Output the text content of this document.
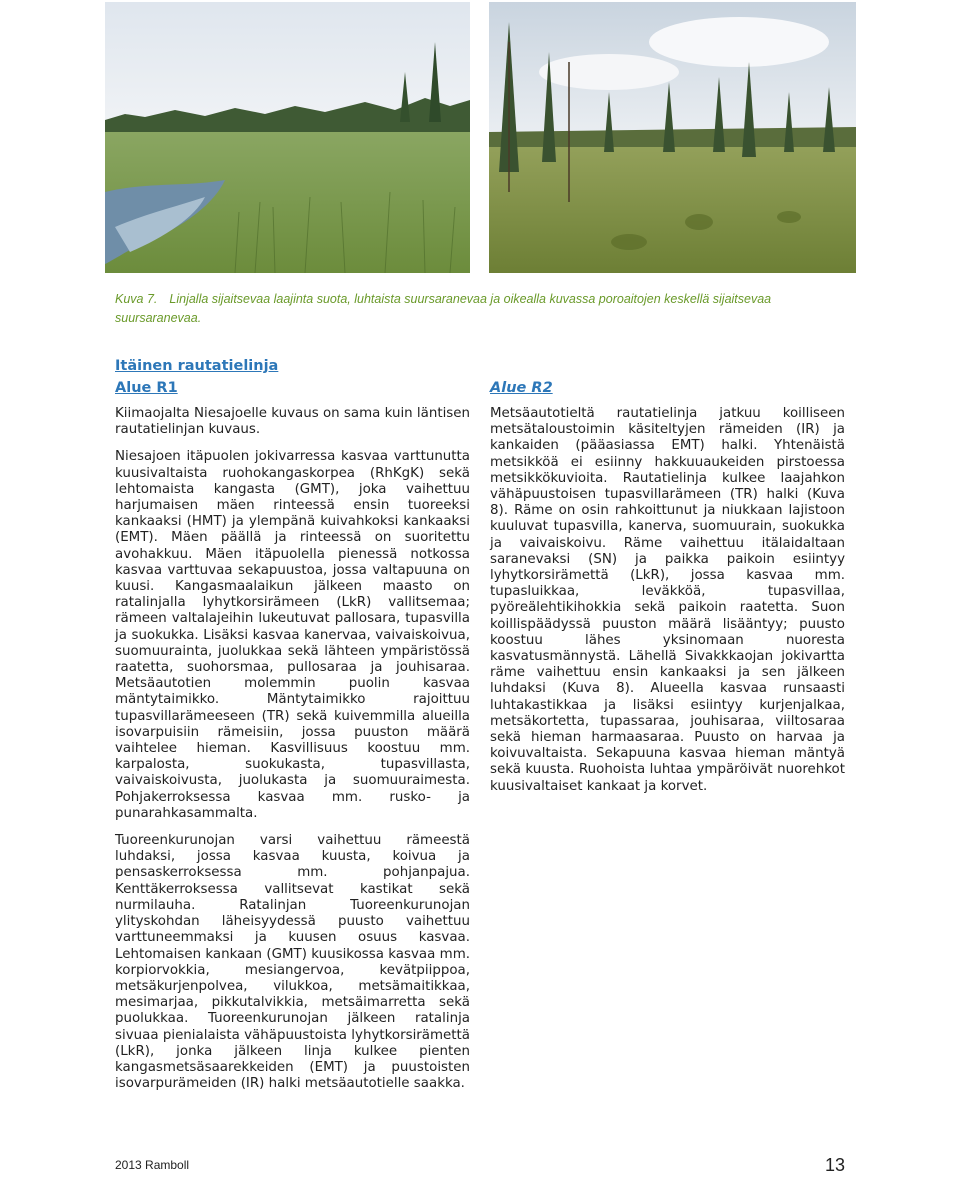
Kuva 7. Linjalla sijaitsevaa laajinta suota, luhtaista suursaranevaa ja oikealla kuvassa poroaitojen keskellä sijaitsevaa suursaranevaa.
Itäinen rautatielinja
Alue R1

Kiimaojalta Niesajoelle kuvaus on sama kuin läntisen rautatielinjan kuvaus.

Niesajoen itäpuolen jokivarressa kasvaa varttunutta kuusivaltaista ruohokangaskorpea (RhKgK) sekä lehtomaista kangasta (GMT), joka vaihettuu harjumaisen mäen rinteessä ensin tuoreeksi kankaaksi (HMT) ja ylempänä kuivahkoksi kankaaksi (EMT). Mäen päällä ja rinteessä on suoritettu avohakkuu. Mäen itäpuolella pienessä notkossa kasvaa varttuvaa sekapuustoa, jossa valtapuuna on kuusi. Kangasmaalaikun jälkeen maasto on ratalinjalla lyhytkorsirämeen (LkR) vallitsemaa; rämeen valtalajeihin lukeutuvat pallosara, tupasvilla ja suokukka. Lisäksi kasvaa kanervaa, vaivaiskoivua, suomuurainta, juolukkaa sekä lähteen ympäristössä raatetta, suohorsmaa, pullosaraa ja jouhisaraa. Metsäautotien molemmin puolin kasvaa mäntytaimikko. Mäntytaimikko rajoittuu tupasvillarämeeseen (TR) sekä kuivemmilla alueilla isovarpuisiin rämeisiin, jossa puuston määrä vaihtelee hieman. Kasvillisuus koostuu mm. karpalosta, suokukasta, tupasvillasta, vaivaiskoivusta, juolukasta ja suomuuraimesta. Pohjakerroksessa kasvaa mm. rusko- ja punarahkasammalta.

Tuoreenkurunojan varsi vaihettuu rämeestä luhdaksi, jossa kasvaa kuusta, koivua ja pensaskerroksessa mm. pohjanpajua. Kenttäkerroksessa vallitsevat kastikat sekä nurmilauha. Ratalinjan Tuoreenkurunojan ylityskohdan läheisyydessä puusto vaihettuu varttuneemmaksi ja kuusen osuus kasvaa. Lehtomaisen kankaan (GMT) kuusikossa kasvaa mm. korpiorvokkia, mesiangervoa, kevätpiippoa, metsäkurjenpolvea, vilukkoa, metsämaitikkaa, mesimarjaa, pikkutalvikkia, metsäimarretta sekä puolukkaa. Tuoreenkurunojan jälkeen ratalinja sivuaa pienialaista vähäpuustoista lyhytkorsirämettä (LkR), jonka jälkeen linja kulkee pienten kangasmetsäsaarekkeiden (EMT) ja puustoisten isovarpurämeiden (IR) halki metsäautotielle saakka.

Alue R2

Metsäautotieltä rautatielinja jatkuu koilliseen metsätaloustoimin käsiteltyjen rämeiden (IR) ja kankaiden (pääasiassa EMT) halki. Yhtenäistä metsikköä ei esiinny hakkuuaukeiden pirstoessa metsikkökuvioita. Rautatielinja kulkee laajahkon vähäpuustoisen tupasvillarämeen (TR) halki (Kuva 8). Räme on osin rahkoittunut ja niukkaan lajistoon kuuluvat tupasvilla, kanerva, suomuurain, suokukka ja vaivaiskoivu. Räme vaihettuu itälaidaltaan saranevaksi (SN) ja paikka paikoin esiintyy lyhytkorsirämettä (LkR), jossa kasvaa mm. tupasluikkaa, leväkköä, tupasvillaa, pyöreälehtikihokkia sekä paikoin raatetta. Suon koillispäädyssä puuston määrä lisääntyy; puusto koostuu lähes yksinomaan nuoresta kasvatusmännystä. Lähellä Sivakkkaojan jokivartta räme vaihettuu ensin kankaaksi ja sen jälkeen luhdaksi (Kuva 8). Alueella kasvaa runsaasti luhtakastikkaa ja lisäksi esiintyy kurjenjalkaa, metsäkortetta, tupassaraa, jouhisaraa, viiltosaraa sekä hieman harmaasaraa. Puusto on harvaa ja koivuvaltaista. Sekapuuna kasvaa hieman mäntyä sekä kuusta. Ruohoista luhtaa ympäröivät nuorehkot kuusivaltaiset kankaat ja korvet.

2013 Ramboll	13
